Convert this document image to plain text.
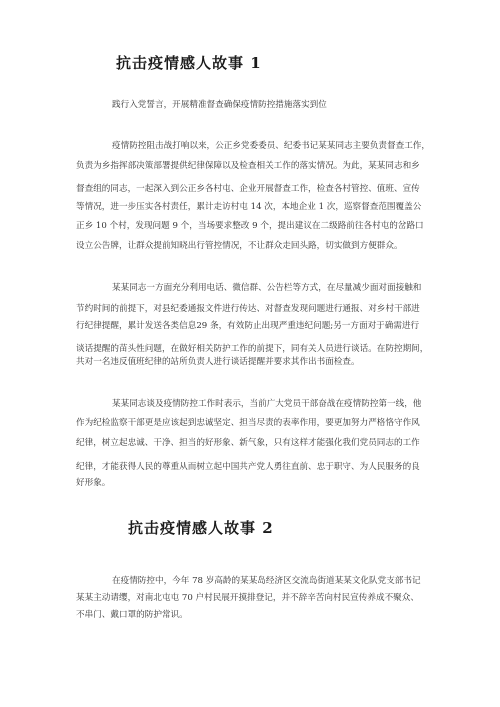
抗击疫情感人故事 1
践行入党誓言，开展精准督查确保疫情防控措施落实到位
疫情防控阻击战打响以来，公正乡党委委员、纪委书记某某同志主要负责督查工作，
负责为乡指挥部决策部署提供纪律保障以及检查相关工作的落实情况。为此，某某同志和乡
督查组的同志，一起深入到公正乡各村屯、企业开展督查工作，检查各村管控、值班、宣传
等情况，进一步压实各村责任，累计走访村屯 14 次，本地企业 1 次，巡察督查范围覆盖公
正乡 10 个村，发现问题 9 个，当场要求整改 9 个，提出建议在二级路前往各村屯的岔路口
设立公告牌，让群众提前知晓出行管控情况，不让群众走回头路，切实做到方便群众。
某某同志一方面充分利用电话、微信群、公告栏等方式，在尽量减少面对面接触和
节约时间的前提下，对县纪委通报文件进行传达、对督查发现问题进行通报、对乡村干部进
行纪律提醒，累计发送各类信息29 条，有效防止出现严重违纪问题;另一方面对于确需进行
谈话提醒的苗头性问题，在做好相关防护工作的前提下，同有关人员进行谈话。在防控期间，
共对一名违反值班纪律的站所负责人进行谈话提醒并要求其作出书面检查。
某某同志谈及疫情防控工作时表示，当前广大党员干部奋战在疫情防控第一线，他
作为纪检监察干部更是应该起到忠诚坚定、担当尽责的表率作用，要更加努力严格恪守作风
纪律，树立起忠诚、干净、担当的好形象、新气象，只有这样才能强化我们党员同志的工作
纪律，才能获得人民的尊重从而树立起中国共产党人勇往直前、忠于职守、为人民服务的良
好形象。
抗击疫情感人故事 2
在疫情防控中，今年 78 岁高龄的某某岛经济区交流岛街道某某文化队党支部书记
某某主动请缨，对南北屯屯 70 户村民展开摸排登记，并不辞辛苦向村民宣传养成不聚众、
不串门、戴口罩的防护常识。
